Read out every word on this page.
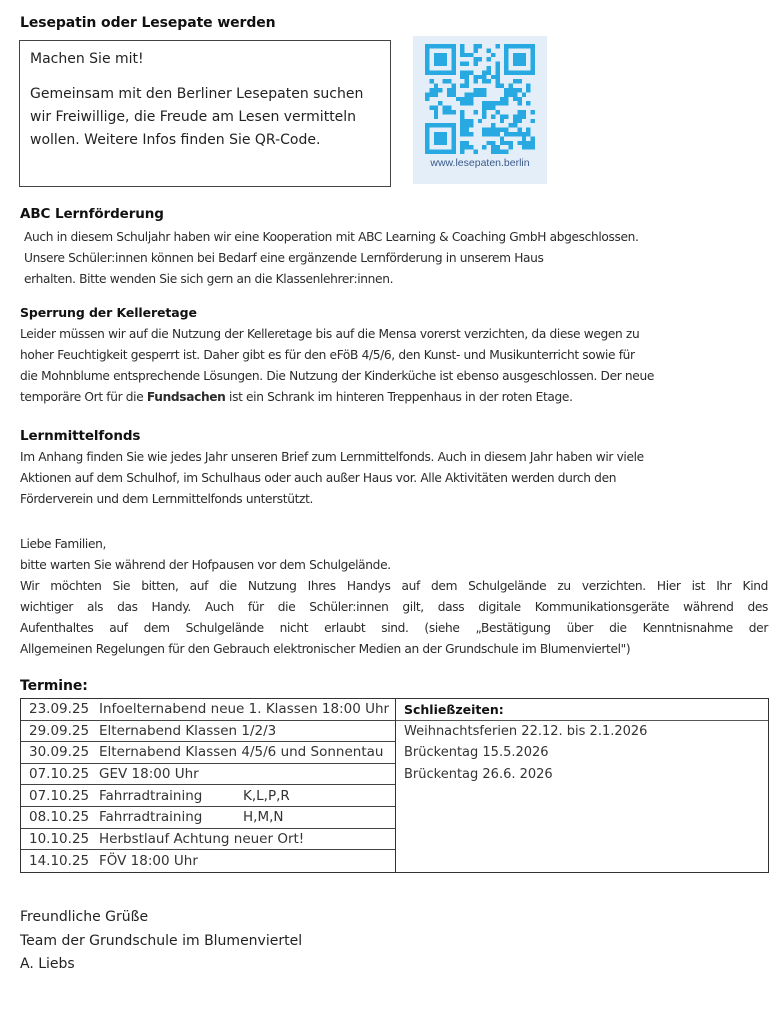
Lesepatin oder Lesepate werden
Machen Sie mit!
Gemeinsam mit den Berliner Lesepaten suchen
wir Freiwillige, die Freude am Lesen vermitteln
wollen. Weitere Infos finden Sie QR-Code.
www.lesepaten.berlin
ABC Lernförderung
Auch in diesem Schuljahr haben wir eine Kooperation mit ABC Learning & Coaching GmbH abgeschlossen.
Unsere Schüler:innen können bei Bedarf eine ergänzende Lernförderung in unserem Haus
erhalten. Bitte wenden Sie sich gern an die Klassenlehrer:innen.
Sperrung der Kelleretage
Leider müssen wir auf die Nutzung der Kelleretage bis auf die Mensa vorerst verzichten, da diese wegen zu
hoher Feuchtigkeit gesperrt ist. Daher gibt es für den eFöB 4/5/6, den Kunst- und Musikunterricht sowie für
die Mohnblume entsprechende Lösungen. Die Nutzung der Kinderküche ist ebenso ausgeschlossen. Der neue
temporäre Ort für die Fundsachen ist ein Schrank im hinteren Treppenhaus in der roten Etage.
Lernmittelfonds
Im Anhang finden Sie wie jedes Jahr unseren Brief zum Lernmittelfonds. Auch in diesem Jahr haben wir viele
Aktionen auf dem Schulhof, im Schulhaus oder auch außer Haus vor. Alle Aktivitäten werden durch den
Förderverein und dem Lernmittelfonds unterstützt.
Liebe Familien,
bitte warten Sie während der Hofpausen vor dem Schulgelände.
Wir möchten Sie bitten, auf die Nutzung Ihres Handys auf dem Schulgelände zu verzichten. Hier ist Ihr Kind
wichtiger als das Handy. Auch für die Schüler:innen gilt, dass digitale Kommunikationsgeräte während des
Aufenthaltes auf dem Schulgelände nicht erlaubt sind. (siehe „Bestätigung über die Kenntnisnahme der
Allgemeinen Regelungen für den Gebrauch elektronischer Medien an der Grundschule im Blumenviertel")
Termine:
23.09.25 Infoelternabend neue 1. Klassen 18:00 Uhr
29.09.25 Elternabend Klassen 1/2/3
30.09.25 Elternabend Klassen 4/5/6 und Sonnentau
07.10.25 GEV 18:00 Uhr
07.10.25 Fahrradtraining	K,L,P,R
08.10.25 Fahrradtraining	H,M,N
10.10.25 Herbstlauf Achtung neuer Ort!
14.10.25 FÖV 18:00 Uhr
Schließzeiten:
Weihnachtsferien 22.12. bis 2.1.2026
Brückentag 15.5.2026
Brückentag 26.6. 2026
Freundliche Grüße
Team der Grundschule im Blumenviertel
A. Liebs
